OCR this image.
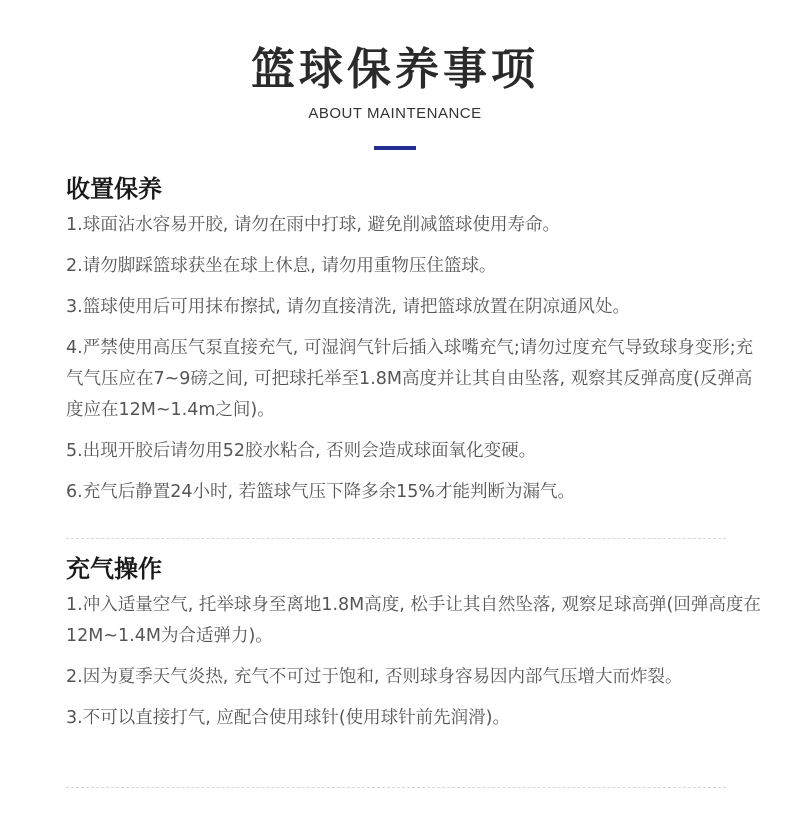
篮球保养事项
ABOUT MAINTENANCE
收置保养
1.球面沾水容易开胶, 请勿在雨中打球, 避免削减篮球使用寿命。
2.请勿脚踩篮球获坐在球上休息, 请勿用重物压住篮球。
3.篮球使用后可用抹布擦拭, 请勿直接清洗, 请把篮球放置在阴凉通风处。
4.严禁使用高压气泵直接充气, 可湿润气针后插入球嘴充气;请勿过度充气导致球身变形;充气气压应在7~9磅之间, 可把球托举至1.8M高度并让其自由坠落, 观察其反弹高度(反弹高度应在12M~1.4m之间)。
5.出现开胶后请勿用52胶水粘合, 否则会造成球面氧化变硬。
6.充气后静置24小时, 若篮球气压下降多余15%才能判断为漏气。
充气操作
1.冲入适量空气, 托举球身至离地1.8M高度, 松手让其自然坠落, 观察足球高弹(回弹高度在12M~1.4M为合适弹力)。
2.因为夏季天气炎热, 充气不可过于饱和, 否则球身容易因内部气压增大而炸裂。
3.不可以直接打气, 应配合使用球针(使用球针前先润滑)。
